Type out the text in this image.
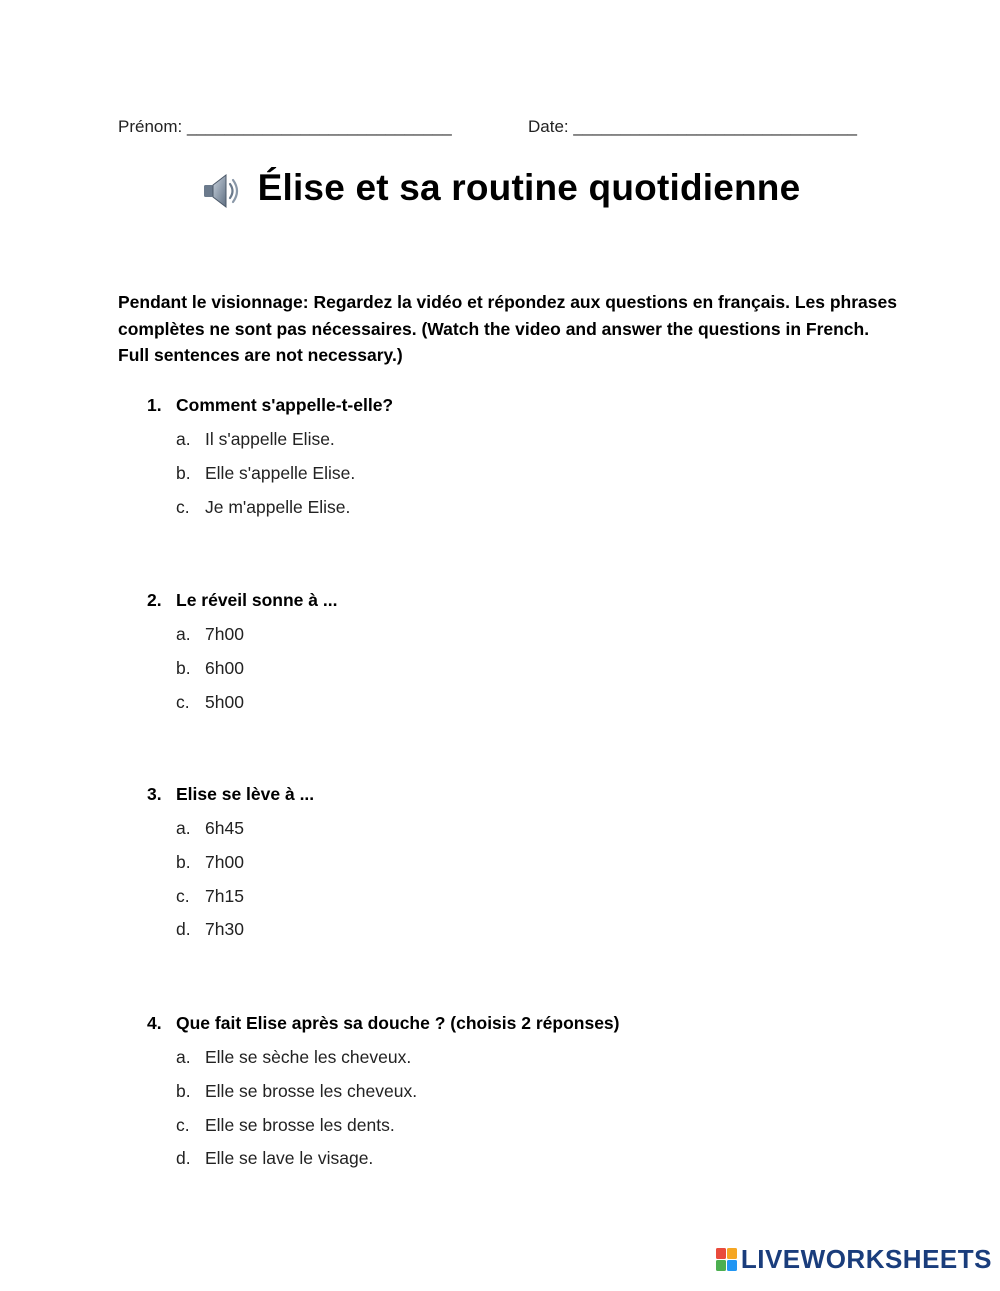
Prénom: ____________________________	Date: ______________________________
Élise et sa routine quotidienne
Pendant le visionnage: Regardez la vidéo et répondez aux questions en français. Les phrases complètes ne sont pas nécessaires. (Watch the video and answer the questions in French. Full sentences are not necessary.)
1. Comment s'appelle-t-elle?
a. Il s'appelle Elise.
b. Elle s'appelle Elise.
c. Je m'appelle Elise.
2. Le réveil sonne à ...
a. 7h00
b. 6h00
c. 5h00
3. Elise se lève à ...
a. 6h45
b. 7h00
c. 7h15
d. 7h30
4. Que fait Elise après sa douche ? (choisis 2 réponses)
a. Elle se sèche les cheveux.
b. Elle se brosse les cheveux.
c. Elle se brosse les dents.
d. Elle se lave le visage.
LIVEWORKSHEETS
